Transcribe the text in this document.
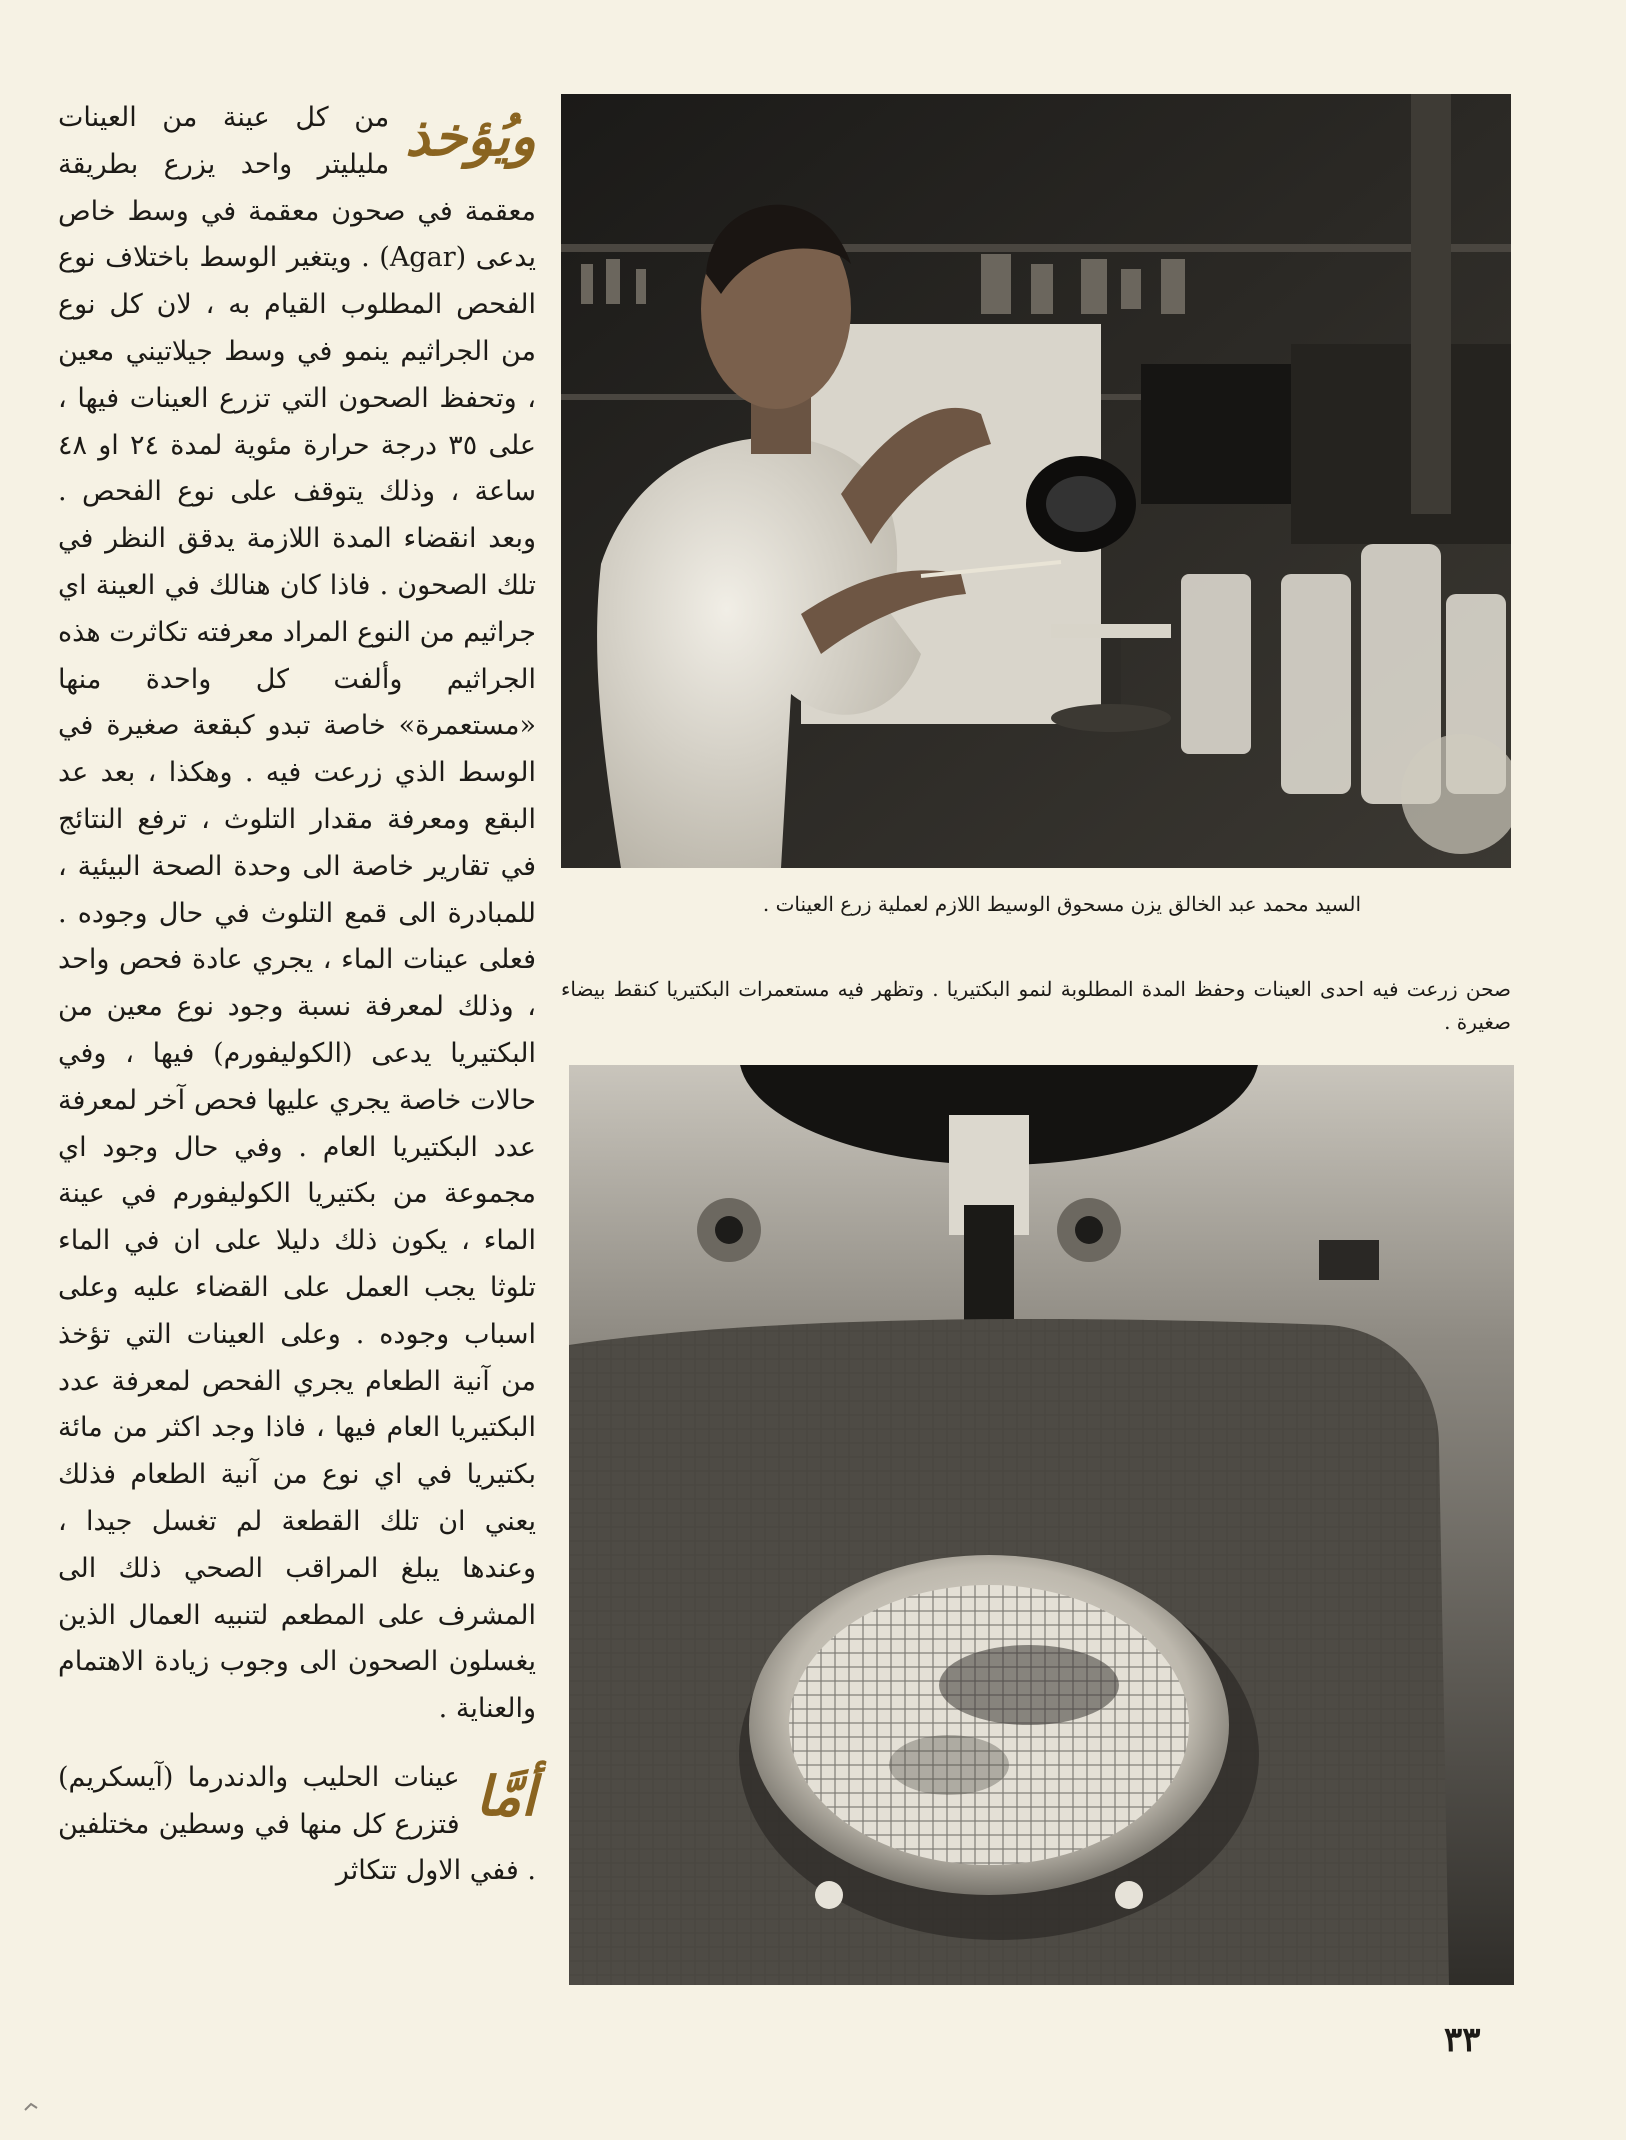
ويُؤخذ
من كل عينة من العينات مليليتر واحد يزرع بطريقة معقمة في صحون معقمة في وسط خاص يدعى (Agar) . ويتغير الوسط باختلاف نوع الفحص المطلوب القيام به ، لان كل نوع من الجراثيم ينمو في وسط جيلاتيني معين ، وتحفظ الصحون التي تزرع العينات فيها ، على ٣٥ درجة حرارة مئوية لمدة ٢٤ او ٤٨ ساعة ، وذلك يتوقف على نوع الفحص . وبعد انقضاء المدة اللازمة يدقق النظر في تلك الصحون . فاذا كان هنالك في العينة اي جراثيم من النوع المراد معرفته تكاثرت هذه الجراثيم وألفت كل واحدة منها «مستعمرة» خاصة تبدو كبقعة صغيرة في الوسط الذي زرعت فيه . وهكذا ، بعد عد البقع ومعرفة مقدار التلوث ، ترفع النتائج في تقارير خاصة الى وحدة الصحة البيئية ، للمبادرة الى قمع التلوث في حال وجوده . فعلى عينات الماء ، يجري عادة فحص واحد ، وذلك لمعرفة نسبة وجود نوع معين من البكتيريا يدعى (الكوليفورم) فيها ، وفي حالات خاصة يجري عليها فحص آخر لمعرفة عدد البكتيريا العام . وفي حال وجود اي مجموعة من بكتيريا الكوليفورم في عينة الماء ، يكون ذلك دليلا على ان في الماء تلوثا يجب العمل على القضاء عليه وعلى اسباب وجوده . وعلى العينات التي تؤخذ من آنية الطعام يجري الفحص لمعرفة عدد البكتيريا العام فيها ، فاذا وجد اكثر من مائة بكتيريا في اي نوع من آنية الطعام فذلك يعني ان تلك القطعة لم تغسل جيدا ، وعندها يبلغ المراقب الصحي ذلك الى المشرف على المطعم لتنبيه العمال الذين يغسلون الصحون الى وجوب زيادة الاهتمام والعناية .

أمَّا
عينات الحليب والدندرما (آيسكريم) فتزرع كل منها في وسطين مختلفين . ففي الاول تتكاثر

السيد محمد عبد الخالق يزن مسحوق الوسيط اللازم لعملية زرع العينات .
صحن زرعت فيه احدى العينات وحفظ المدة المطلوبة لنمو البكتيريا . وتظهر فيه مستعمرات البكتيريا كنقط بيضاء صغيرة .
٣٣
